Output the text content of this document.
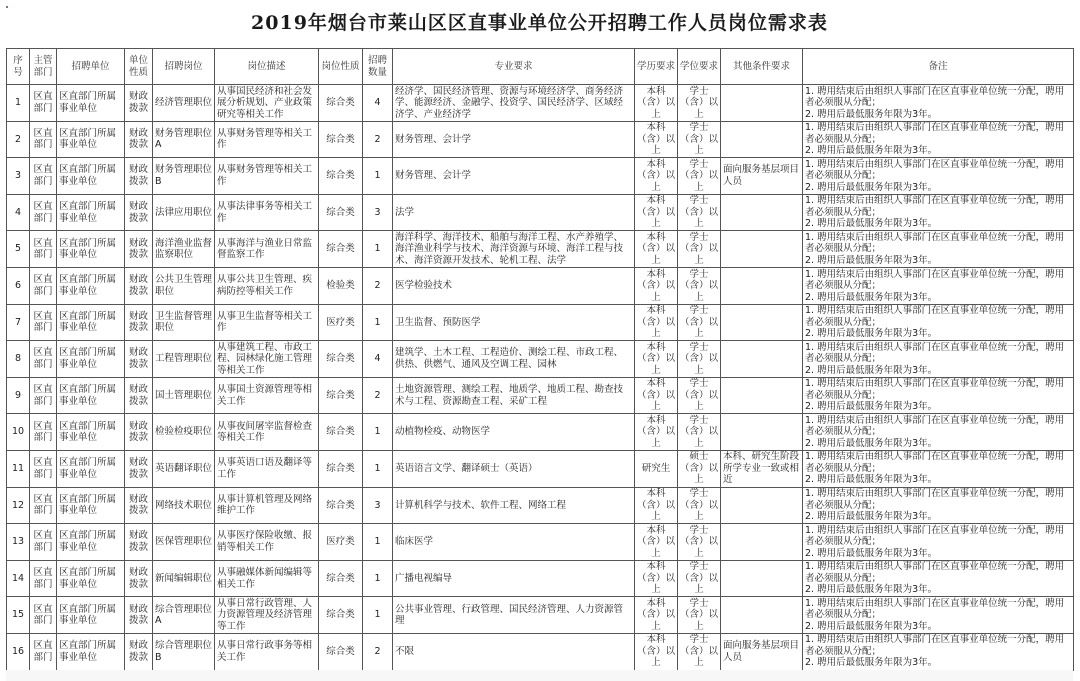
2019年烟台市莱山区区直事业单位公开招聘工作人员岗位需求表
序号	主管部门	招聘单位	单位性质	招聘岗位	岗位描述	岗位性质	招聘数量	专业要求	学历要求	学位要求	其他条件要求	备注
1	区直部门	区直部门所属事业单位	财政拨款	经济管理职位	从事国民经济和社会发展分析规划、产业政策研究等相关工作	综合类	4	经济学、国民经济管理、资源与环境经济学、商务经济学、能源经济、金融学、投资学、国民经济学、区域经济学、产业经济学	本科（含）以上	学士（含）以上		1. 聘用结束后由组织人事部门在区直事业单位统一分配，聘用者必须服从分配；
2. 聘用后最低服务年限为3年。

2	区直部门	区直部门所属事业单位	财政拨款	财务管理职位A	从事财务管理等相关工作	综合类	2	财务管理、会计学	本科（含）以上	学士（含）以上		1. 聘用结束后由组织人事部门在区直事业单位统一分配，聘用者必须服从分配；
2. 聘用后最低服务年限为3年。

3	区直部门	区直部门所属事业单位	财政拨款	财务管理职位B	从事财务管理等相关工作	综合类	1	财务管理、会计学	本科（含）以上	学士（含）以上	面向服务基层项目人员	1. 聘用结束后由组织人事部门在区直事业单位统一分配，聘用者必须服从分配；
2. 聘用后最低服务年限为3年。

4	区直部门	区直部门所属事业单位	财政拨款	法律应用职位	从事法律事务等相关工作	综合类	3	法学	本科（含）以上	学士（含）以上		1. 聘用结束后由组织人事部门在区直事业单位统一分配，聘用者必须服从分配；
2. 聘用后最低服务年限为3年。

5	区直部门	区直部门所属事业单位	财政拨款	海洋渔业监督监察职位	从事海洋与渔业日常监督监察工作	综合类	1	海洋科学、海洋技术、船舶与海洋工程、水产养殖学、海洋渔业科学与技术、海洋资源与环境、海洋工程与技术、海洋资源开发技术、轮机工程、法学	本科（含）以上	学士（含）以上		1. 聘用结束后由组织人事部门在区直事业单位统一分配，聘用者必须服从分配；
2. 聘用后最低服务年限为3年。

6	区直部门	区直部门所属事业单位	财政拨款	公共卫生管理职位	从事公共卫生管理、疾病防控等相关工作	检验类	2	医学检验技术	本科（含）以上	学士（含）以上		1. 聘用结束后由组织人事部门在区直事业单位统一分配，聘用者必须服从分配；
2. 聘用后最低服务年限为3年。

7	区直部门	区直部门所属事业单位	财政拨款	卫生监督管理职位	从事卫生监督等相关工作	医疗类	1	卫生监督、预防医学	本科（含）以上	学士（含）以上		1. 聘用结束后由组织人事部门在区直事业单位统一分配，聘用者必须服从分配；
2. 聘用后最低服务年限为3年。

8	区直部门	区直部门所属事业单位	财政拨款	工程管理职位	从事建筑工程、市政工程、园林绿化施工管理等相关工作	综合类	4	建筑学、土木工程、工程造价、测绘工程、市政工程、供热、供燃气、通风及空调工程、园林	本科（含）以上	学士（含）以上		1. 聘用结束后由组织人事部门在区直事业单位统一分配，聘用者必须服从分配；
2. 聘用后最低服务年限为3年。

9	区直部门	区直部门所属事业单位	财政拨款	国土管理职位	从事国土资源管理等相关工作	综合类	2	土地资源管理、测绘工程、地质学、地质工程、勘查技术与工程、资源勘查工程、采矿工程	本科（含）以上	学士（含）以上		1. 聘用结束后由组织人事部门在区直事业单位统一分配，聘用者必须服从分配；
2. 聘用后最低服务年限为3年。

10	区直部门	区直部门所属事业单位	财政拨款	检验检疫职位	从事夜间屠宰监督检查等相关工作	综合类	1	动植物检疫、动物医学	本科（含）以上	学士（含）以上		1. 聘用结束后由组织人事部门在区直事业单位统一分配，聘用者必须服从分配；
2. 聘用后最低服务年限为3年。

11	区直部门	区直部门所属事业单位	财政拨款	英语翻译职位	从事英语口语及翻译等工作	综合类	1	英语语言文学、翻译硕士（英语）	研究生	硕士（含）以上	本科、研究生阶段所学专业一致或相近	1. 聘用结束后由组织人事部门在区直事业单位统一分配，聘用者必须服从分配；
2. 聘用后最低服务年限为3年。

12	区直部门	区直部门所属事业单位	财政拨款	网络技术职位	从事计算机管理及网络维护工作	综合类	3	计算机科学与技术、软件工程、网络工程	本科（含）以上	学士（含）以上		1. 聘用结束后由组织人事部门在区直事业单位统一分配，聘用者必须服从分配；
2. 聘用后最低服务年限为3年。

13	区直部门	区直部门所属事业单位	财政拨款	医保管理职位	从事医疗保险收缴、报销等相关工作	医疗类	1	临床医学	本科（含）以上	学士（含）以上		1. 聘用结束后由组织人事部门在区直事业单位统一分配，聘用者必须服从分配；
2. 聘用后最低服务年限为3年。

14	区直部门	区直部门所属事业单位	财政拨款	新闻编辑职位	从事融媒体新闻编辑等相关工作	综合类	1	广播电视编导	本科（含）以上	学士（含）以上		1. 聘用结束后由组织人事部门在区直事业单位统一分配，聘用者必须服从分配；
2. 聘用后最低服务年限为3年。

15	区直部门	区直部门所属事业单位	财政拨款	综合管理职位A	从事日常行政管理、人力资源管理及经济管理等工作	综合类	1	公共事业管理、行政管理、国民经济管理、人力资源管理	本科（含）以上	学士（含）以上		1. 聘用结束后由组织人事部门在区直事业单位统一分配，聘用者必须服从分配；
2. 聘用后最低服务年限为3年。

16	区直部门	区直部门所属事业单位	财政拨款	综合管理职位B	从事日常行政事务等相关工作	综合类	2	不限	本科（含）以上	学士（含）以上	面向服务基层项目人员	1. 聘用结束后由组织人事部门在区直事业单位统一分配，聘用者必须服从分配；
2. 聘用后最低服务年限为3年。
